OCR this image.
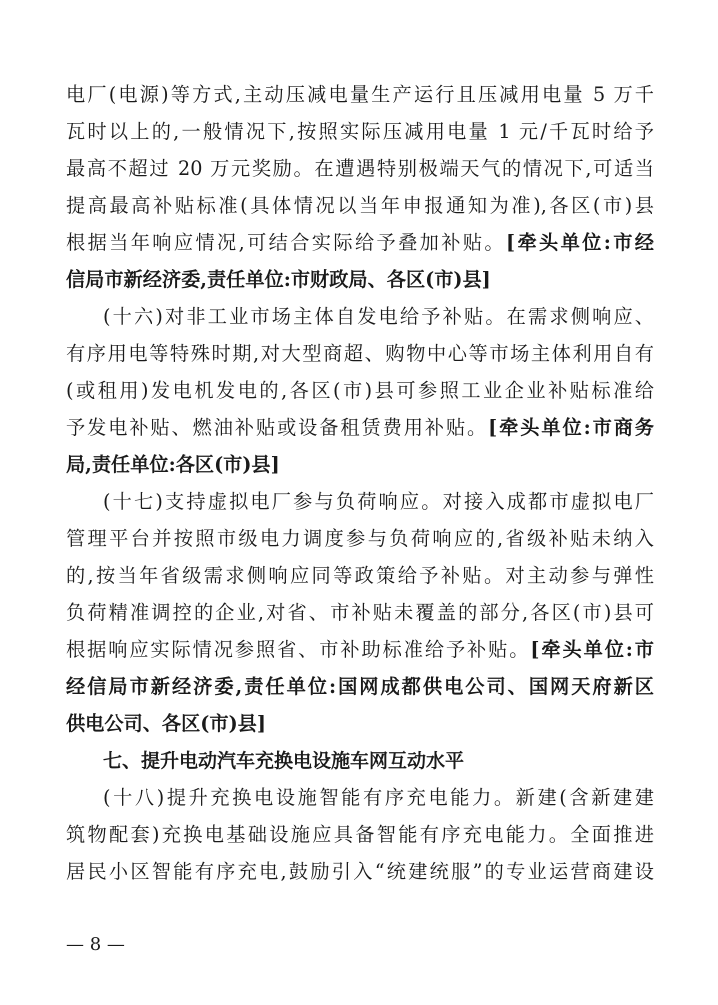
电厂(电源)等方式,主动压减电量生产运行且压减用电量 5 万千
瓦时以上的,一般情况下,按照实际压减用电量 1 元/千瓦时给予
最高不超过 20 万元奖励。在遭遇特别极端天气的情况下,可适当
提高最高补贴标准(具体情况以当年申报通知为准),各区(市)县
根据当年响应情况,可结合实际给予叠加补贴。[牵头单位:市经
信局市新经济委,责任单位:市财政局、各区(市)县]
(十六)对非工业市场主体自发电给予补贴。在需求侧响应、
有序用电等特殊时期,对大型商超、购物中心等市场主体利用自有
(或租用)发电机发电的,各区(市)县可参照工业企业补贴标准给
予发电补贴、燃油补贴或设备租赁费用补贴。[牵头单位:市商务
局,责任单位:各区(市)县]
(十七)支持虚拟电厂参与负荷响应。对接入成都市虚拟电厂
管理平台并按照市级电力调度参与负荷响应的,省级补贴未纳入
的,按当年省级需求侧响应同等政策给予补贴。对主动参与弹性
负荷精准调控的企业,对省、市补贴未覆盖的部分,各区(市)县可
根据响应实际情况参照省、市补助标准给予补贴。[牵头单位:市
经信局市新经济委,责任单位:国网成都供电公司、国网天府新区
供电公司、各区(市)县]
七、提升电动汽车充换电设施车网互动水平
(十八)提升充换电设施智能有序充电能力。新建(含新建建
筑物配套)充换电基础设施应具备智能有序充电能力。全面推进
居民小区智能有序充电,鼓励引入“统建统服”的专业运营商建设
— 8 —
